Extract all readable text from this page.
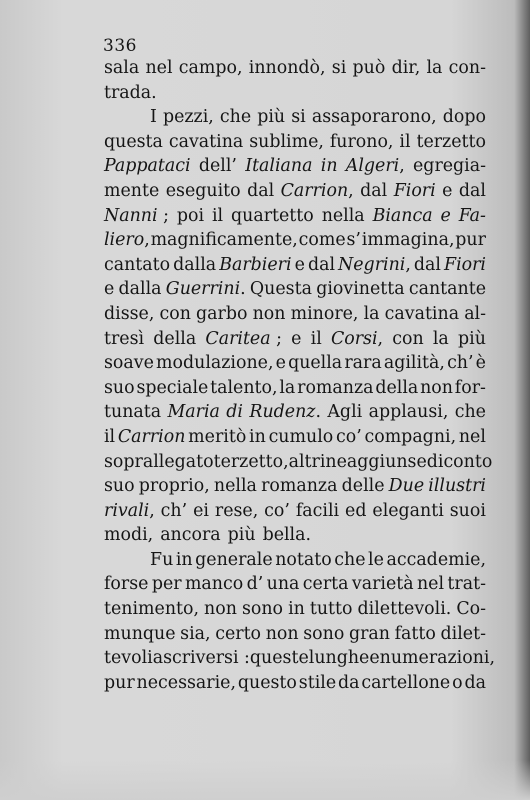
336
sala nel campo, innondò, si può dir, la con-
trada.
I pezzi, che più si assaporarono, dopo
questa cavatina sublime, furono, il terzetto
Pappataci dell’ Italiana in Algeri, egregia-
mente eseguito dal Carrion, dal Fiori e dal
Nanni ; poi il quartetto nella Bianca e Fa-
liero, magnificamente, come s’ immagina, pur
cantato dalla Barbieri e dal Negrini, dal Fiori
e dalla Guerrini. Questa giovinetta cantante
disse, con garbo non minore, la cavatina al-
tresì della Caritea ; e il Corsi, con la più
soave modulazione, e quella rara agilità, ch’ è
suo speciale talento, la romanza della non for-
tunata Maria di Rudenz. Agli applausi, che
il Carrion meritò in cumulo co’ compagni, nel
soprallegato terzetto, altri ne aggiunse di conto
suo proprio, nella romanza delle Due illustri
rivali, ch’ ei rese, co’ facili ed eleganti suoi
modi, ancora più bella.
Fu in generale notato che le accademie,
forse per manco d’ una certa varietà nel trat-
tenimento, non sono in tutto dilettevoli. Co-
munque sia, certo non sono gran fatto dilet-
tevoli a scriversi : queste lunghe enumerazioni,
pur necessarie, questo stile da cartellone o da
